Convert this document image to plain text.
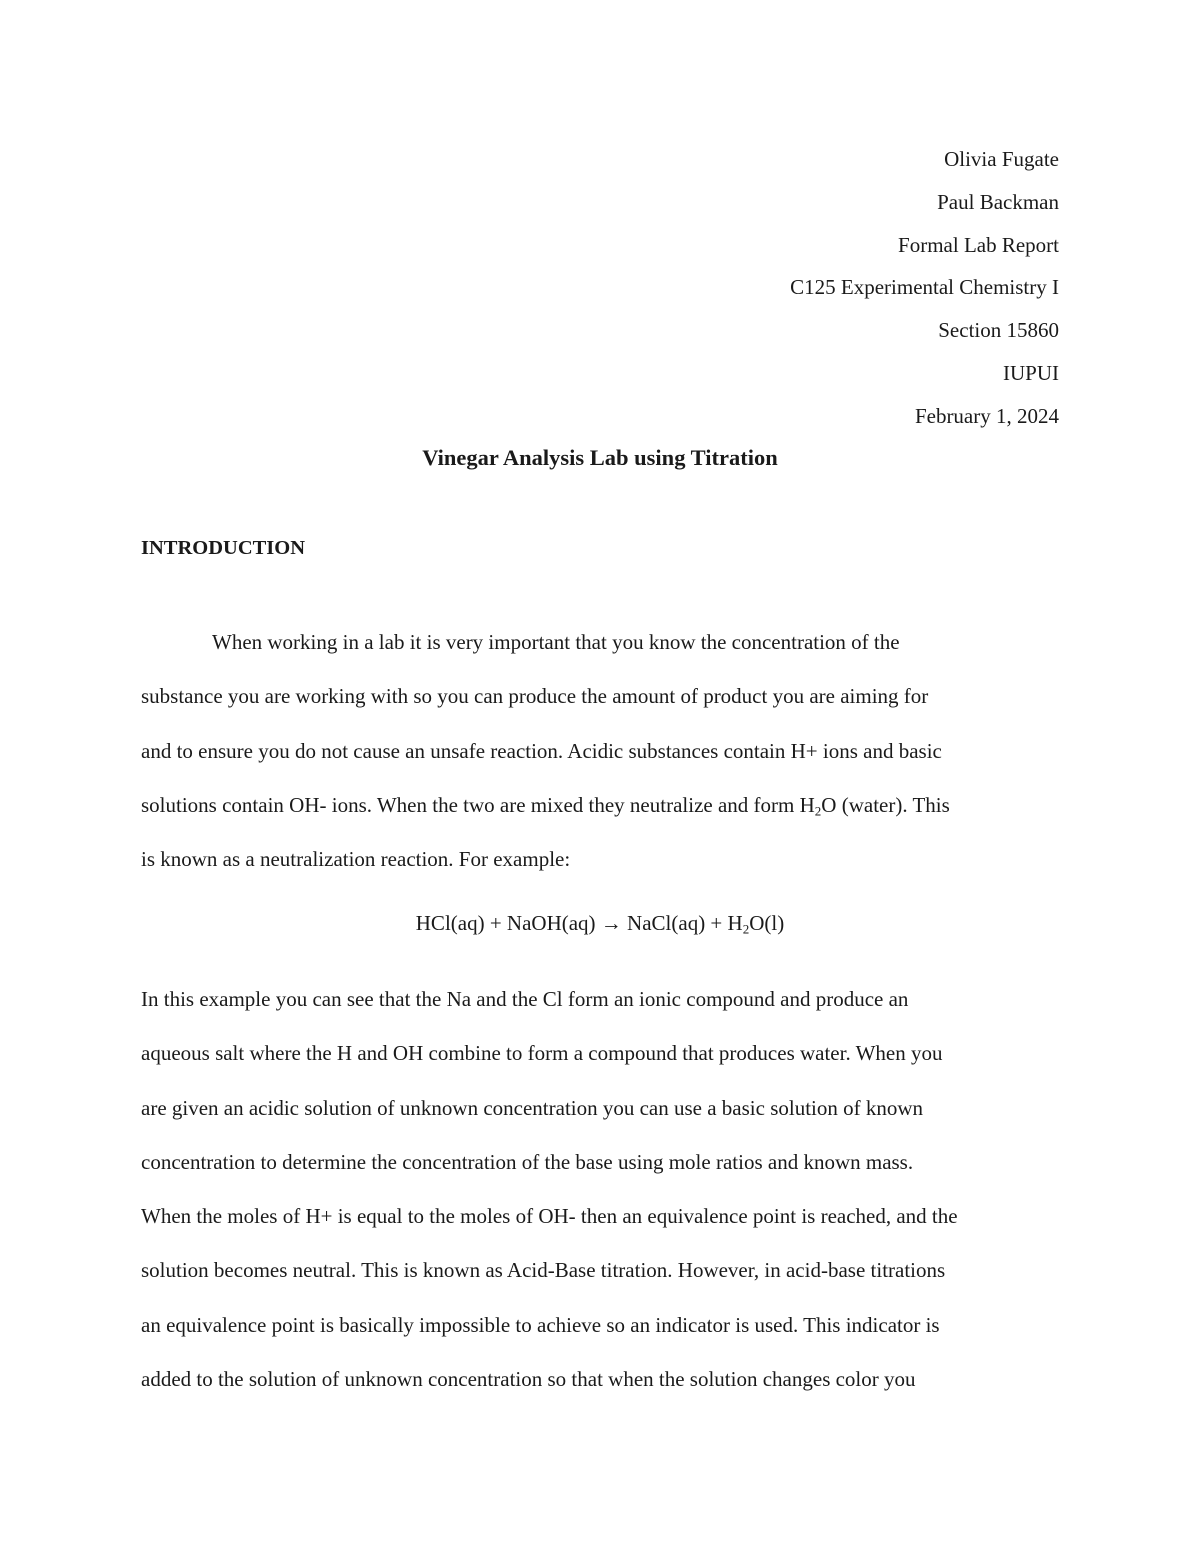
Olivia Fugate
Paul Backman
Formal Lab Report
C125 Experimental Chemistry I
Section 15860
IUPUI
February 1, 2024
Vinegar Analysis Lab using Titration
INTRODUCTION
When working in a lab it is very important that you know the concentration of the
substance you are working with so you can produce the amount of product you are aiming for
and to ensure you do not cause an unsafe reaction. Acidic substances contain H+ ions and basic
solutions contain OH- ions. When the two are mixed they neutralize and form $H_2O$ (water). This
is known as a neutralization reaction. For example:
HCl(aq) + NaOH(aq) → NaCl(aq) + $H_2O(l)$
In this example you can see that the Na and the Cl form an ionic compound and produce an
aqueous salt where the H and OH combine to form a compound that produces water. When you
are given an acidic solution of unknown concentration you can use a basic solution of known
concentration to determine the concentration of the base using mole ratios and known mass.
When the moles of H+ is equal to the moles of OH- then an equivalence point is reached, and the
solution becomes neutral. This is known as Acid-Base titration. However, in acid-base titrations
an equivalence point is basically impossible to achieve so an indicator is used. This indicator is
added to the solution of unknown concentration so that when the solution changes color you
